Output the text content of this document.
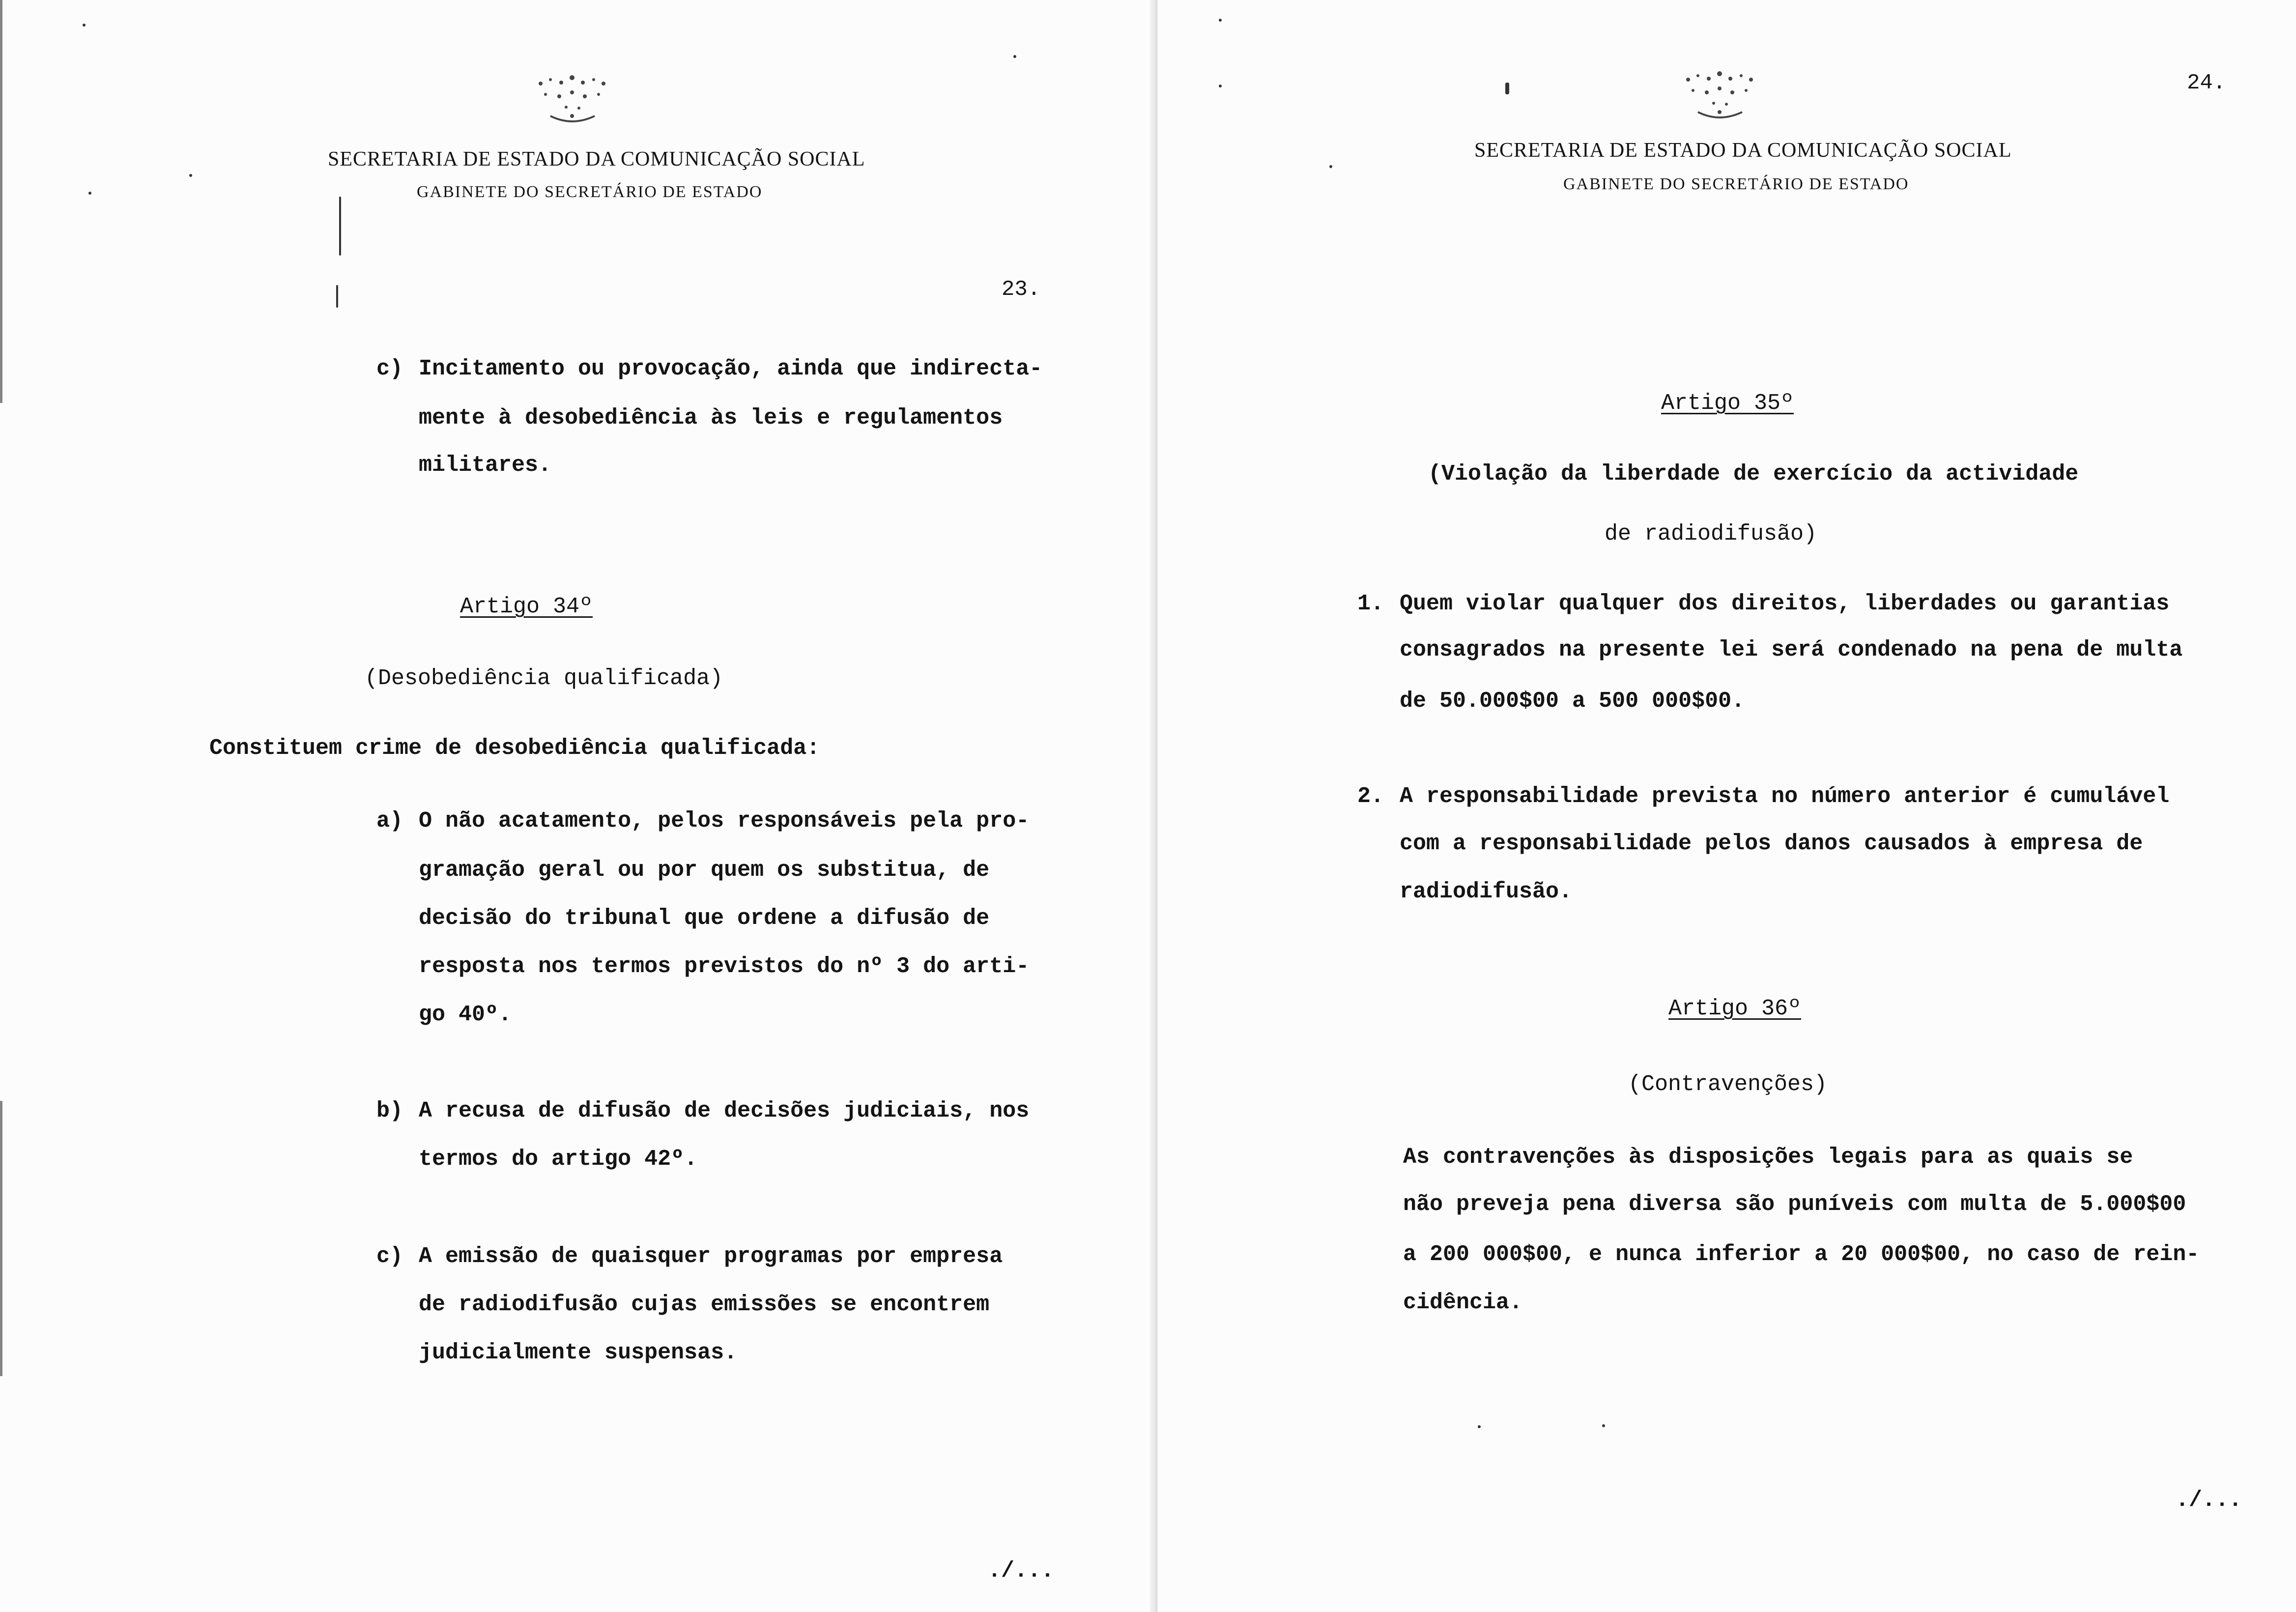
SECRETARIA DE ESTADO DA COMUNICAÇÃO SOCIAL
GABINETE DO SECRETÁRIO DE ESTADO
23.
c) Incitamento ou provocação, ainda que indirecta-
mente à desobediência às leis e regulamentos
militares.
Artigo 34º
(Desobediência qualificada)
Constituem crime de desobediência qualificada:
a) O não acatamento, pelos responsáveis pela pro-
gramação geral ou por quem os substitua, de
decisão do tribunal que ordene a difusão de
resposta nos termos previstos do nº 3 do arti-
go 40º.
b) A recusa de difusão de decisões judiciais, nos
termos do artigo 42º.
c) A emissão de quaisquer programas por empresa
de radiodifusão cujas emissões se encontrem
judicialmente suspensas.
./...
SECRETARIA DE ESTADO DA COMUNICAÇÃO SOCIAL
GABINETE DO SECRETÁRIO DE ESTADO
24.
Artigo 35º
(Violação da liberdade de exercício da actividade
de radiodifusão)
1. Quem violar qualquer dos direitos, liberdades ou garantias
consagrados na presente lei será condenado na pena de multa
de 50.000$00 a 500 000$00.
2. A responsabilidade prevista no número anterior é cumulável
com a responsabilidade pelos danos causados à empresa de
radiodifusão.
Artigo 36º
(Contravenções)
As contravenções às disposições legais para as quais se
não preveja pena diversa são puníveis com multa de 5.000$00
a 200 000$00, e nunca inferior a 20 000$00, no caso de rein-
cidência.
./...
